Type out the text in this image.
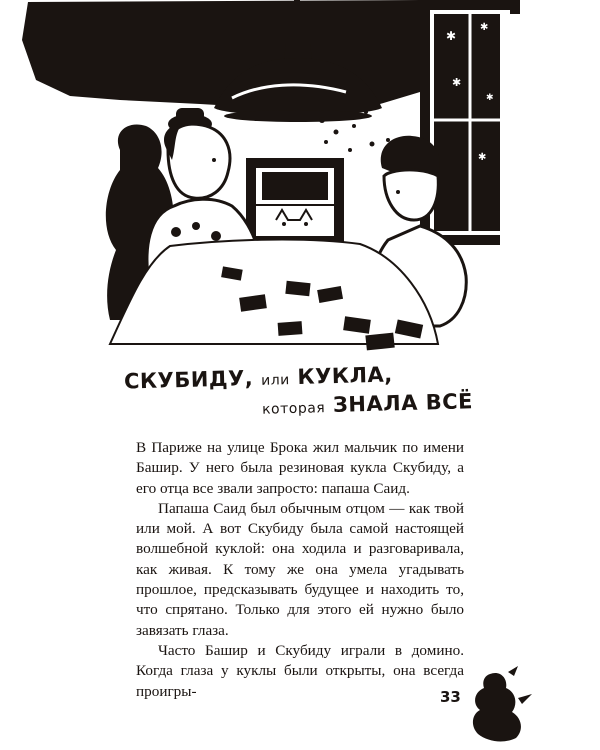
✱
✱
✱
✱
✱
СКУБИДУ, или КУКЛА,
которая ЗНАЛА ВСЁ

В Париже на улице Брока жил мальчик по имени Башир. У него была резиновая кукла Скубиду, а его отца все звали запросто: папаша Саид.

Папаша Саид был обычным отцом — как твой или мой. А вот Скубиду была самой настоящей волшебной куклой: она ходила и разговаривала, как живая. К тому же она умела угадывать прошлое, предсказывать будущее и находить то, что спрятано. Только для этого ей нужно было завязать глаза.

Часто Башир и Скубиду играли в домино. Когда глаза у куклы были открыты, она всегда проигры-	33
